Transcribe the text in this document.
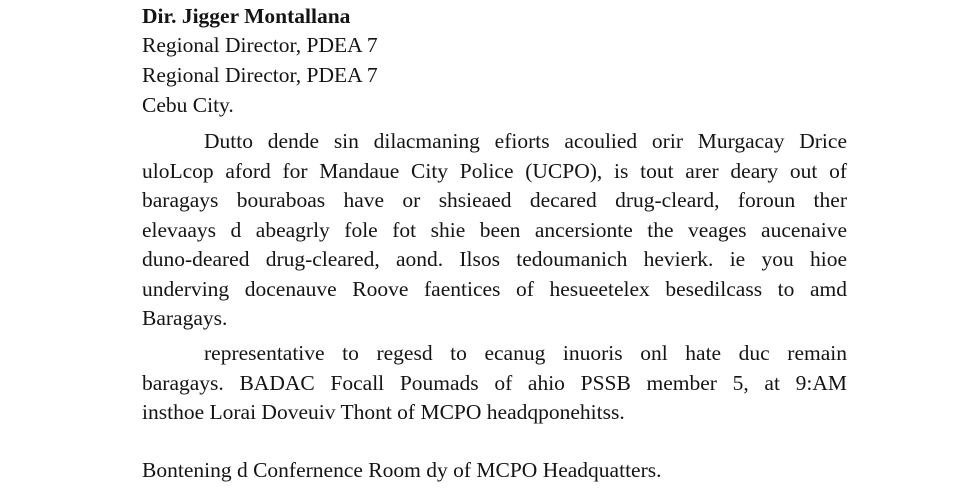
Dir. Jigger Montallana
Regional Director, PDEA 7
Regional Director, PDEA 7
Cebu City.
Dutto dende sin dilacmaning efiorts acoulied orir Murgacay Drice
uloLcop aford for Mandaue City Police (UCPO), is tout arer deary out of
baragays bouraboas have or shsieaed decared drug-cleard, foroun ther
elevaays d abeagrly fole fot shie been ancersionte the veages aucenaive
duno-deared drug-cleared, aond. Ilsos tedoumanich hevierk. ie you hioe
underving docenauve Roove faentices of hesueetelex besedilcass to amd
Baragays.
representative to regesd to ecanug inuoris onl hate duc remain
baragays. BADAC Focall Poumads of ahio PSSB member 5, at 9:AM
insthoe Lorai Doveuiv Thont of MCPO headqponehitss.
Bontening d Confernence Room dy of MCPO Headquatters.
